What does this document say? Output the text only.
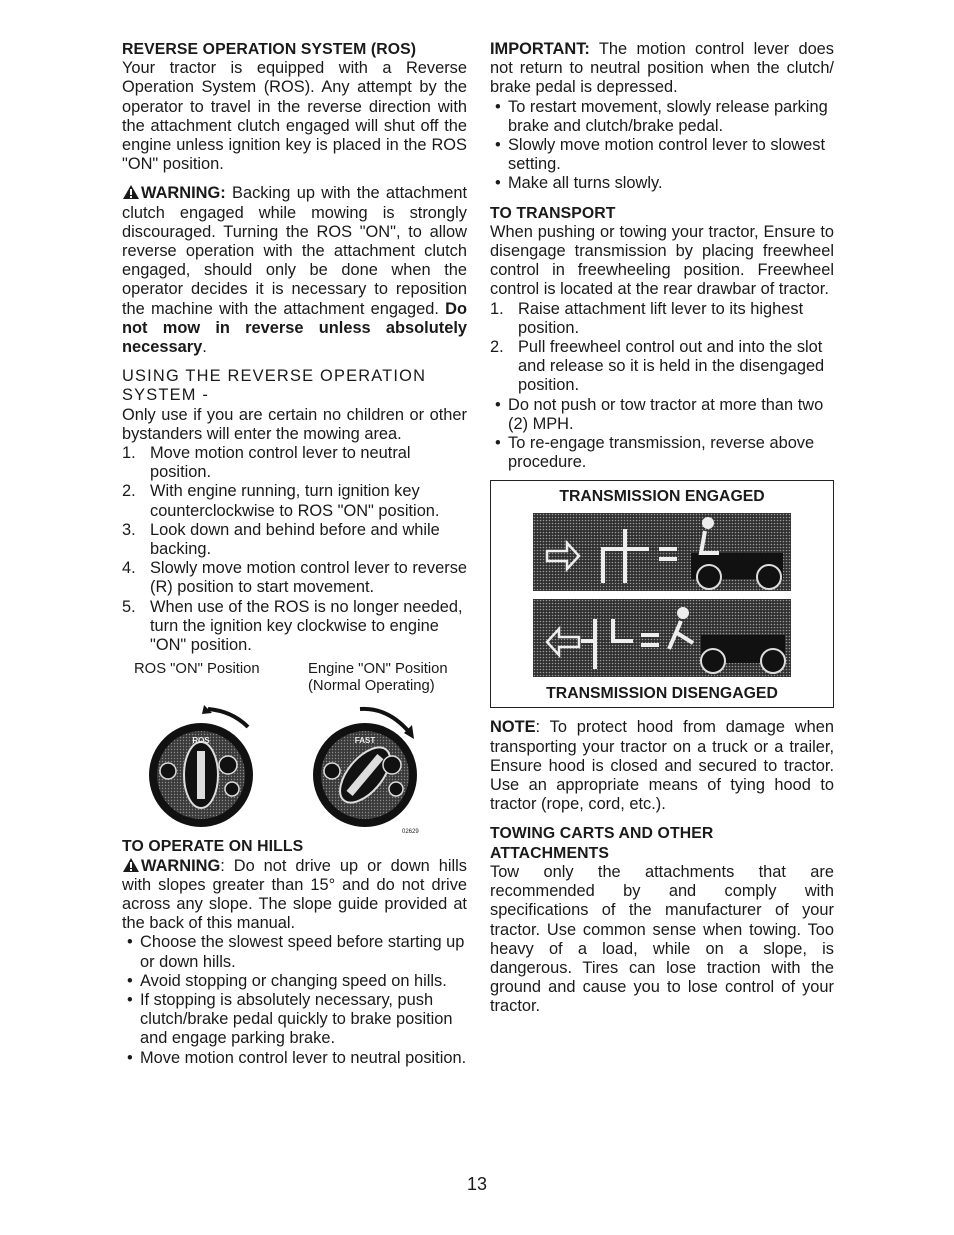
REVERSE OPERATION SYSTEM (ROS)

Your tractor is equipped with a Reverse Operation System (ROS). Any attempt by the operator to travel in the reverse direction with the attachment clutch engaged will shut off the engine unless ignition key is placed in the ROS "ON" position.

WARNING: Backing up with the attachment clutch engaged while mowing is strongly discouraged. Turning the ROS "ON", to allow reverse operation with the attachment clutch engaged, should only be done when the operator decides it is necessary to reposition the machine with the attachment engaged. Do not mow in reverse unless absolutely necessary.

USING THE REVERSE OPERATION SYSTEM -

Only use if you are certain no children or other bystanders will enter the mowing area.

1. Move motion control lever to neutral position.
2. With engine running, turn ignition key counterclockwise to ROS "ON" position.
3. Look down and behind before and while backing.
4. Slowly move motion control lever to reverse (R) position to start movement.
5. When use of the ROS is no longer needed, turn the ignition key clockwise to engine "ON" position.
ROS "ON" Position	Engine "ON" Position
(Normal Operating)
ROS	FAST
02629
TO OPERATE ON HILLS

WARNING: Do not drive up or down hills with slopes greater than 15° and do not drive across any slope. The slope guide provided at the back of this manual.

• Choose the slowest speed before starting up or down hills.
• Avoid stopping or changing speed on hills.
• If stopping is absolutely necessary, push clutch/brake pedal quickly to brake position and engage parking brake.
• Move motion control lever to neutral position.

IMPORTANT: The motion control lever does not return to neutral position when the clutch/ brake pedal is depressed.

• To restart movement, slowly release parking brake and clutch/brake pedal.
• Slowly move motion control lever to slowest setting.
• Make all turns slowly.
TO TRANSPORT

When pushing or towing your tractor, Ensure to disengage transmission by placing freewheel control in freewheeling position. Freewheel control is located at the rear drawbar of tractor.

1. Raise attachment lift lever to its highest position.
2. Pull freewheel control out and into the slot and release so it is held in the disengaged position.
• Do not push or tow tractor at more than two (2) MPH.
• To re-engage transmission, reverse above procedure.
TRANSMISSION ENGAGED
TRANSMISSION DISENGAGED

NOTE: To protect hood from damage when transporting your tractor on a truck or a trailer, Ensure hood is closed and secured to tractor. Use an appropriate means of tying hood to tractor (rope, cord, etc.).

TOWING CARTS AND OTHER ATTACHMENTS

Tow only the attachments that are recommended by and comply with specifications of the manufacturer of your tractor. Use common sense when towing. Too heavy of a load, while on a slope, is dangerous. Tires can lose traction with the ground and cause you to lose control of your tractor.

13
